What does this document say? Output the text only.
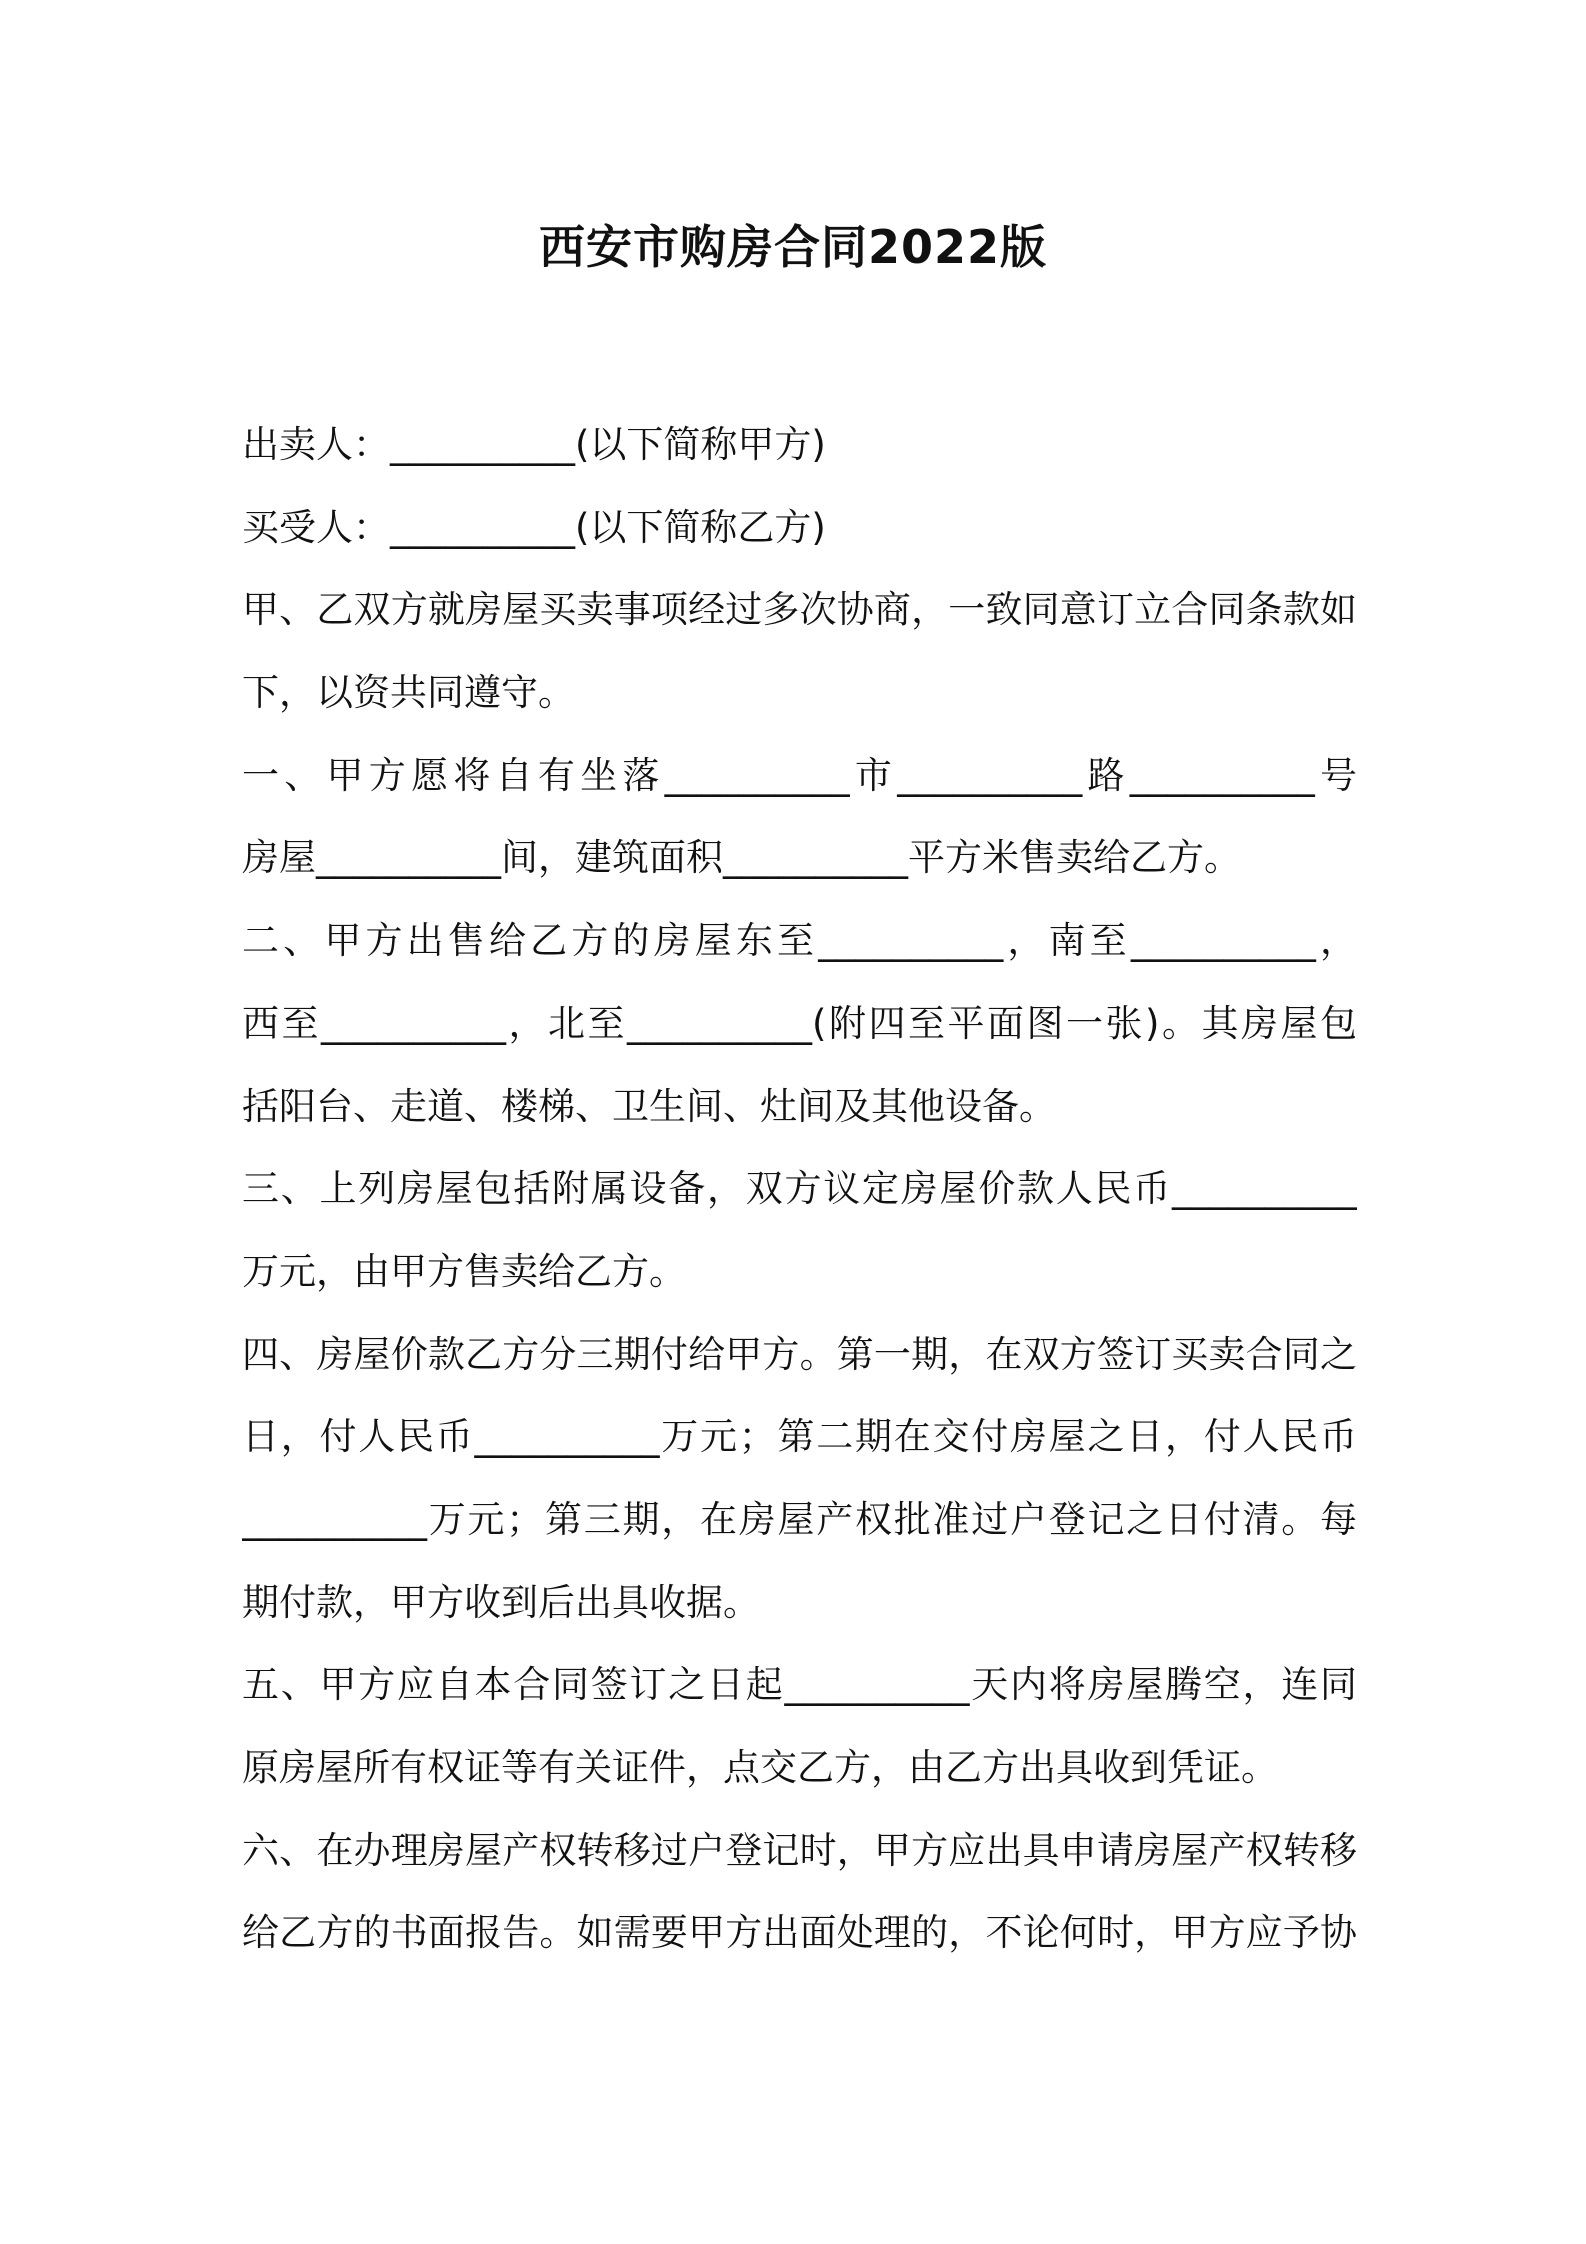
西安市购房合同2022版
出卖人：__________(以下简称甲方)
买受人：__________(以下简称乙方)
甲、乙双方就房屋买卖事项经过多次协商，一致同意订立合同条款如
下，以资共同遵守。
一、甲方愿将自有坐落__________市__________路__________号
房屋__________间，建筑面积__________平方米售卖给乙方。
二、甲方出售给乙方的房屋东至__________，南至__________，
西至__________，北至__________(附四至平面图一张)。其房屋包
括阳台、走道、楼梯、卫生间、灶间及其他设备。
三、上列房屋包括附属设备，双方议定房屋价款人民币__________
万元，由甲方售卖给乙方。
四、房屋价款乙方分三期付给甲方。第一期，在双方签订买卖合同之
日，付人民币__________万元；第二期在交付房屋之日，付人民币
__________万元；第三期，在房屋产权批准过户登记之日付清。每
期付款，甲方收到后出具收据。
五、甲方应自本合同签订之日起__________天内将房屋腾空，连同
原房屋所有权证等有关证件，点交乙方，由乙方出具收到凭证。
六、在办理房屋产权转移过户登记时，甲方应出具申请房屋产权转移
给乙方的书面报告。如需要甲方出面处理的，不论何时，甲方应予协
